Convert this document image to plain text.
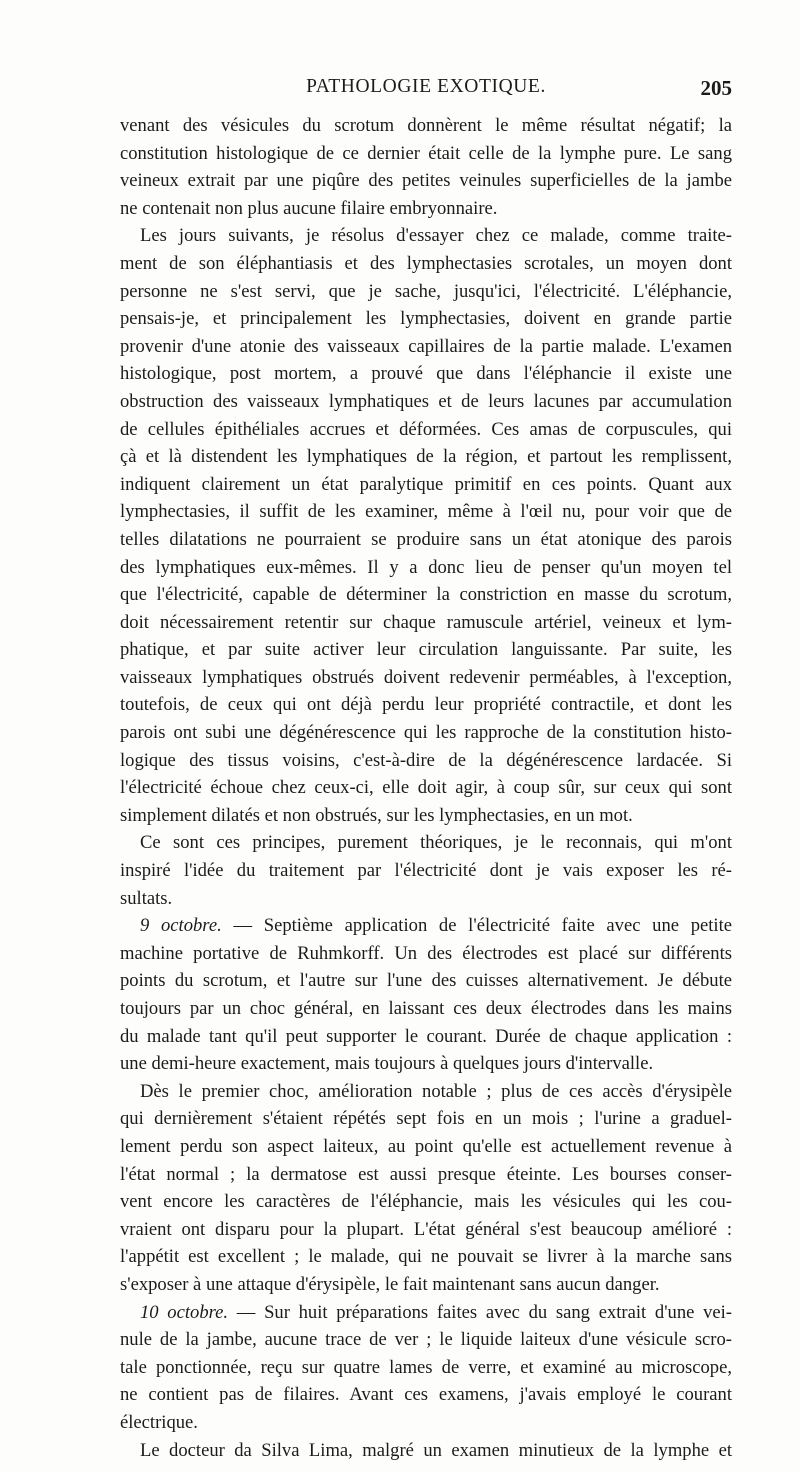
PATHOLOGIE EXOTIQUE.	205
venant des vésicules du scrotum donnèrent le même résultat négatif; la
constitution histologique de ce dernier était celle de la lymphe pure. Le sang
veineux extrait par une piqûre des petites veinules superficielles de la jambe
ne contenait non plus aucune filaire embryonnaire.
Les jours suivants, je résolus d'essayer chez ce malade, comme traite-
ment de son éléphantiasis et des lymphectasies scrotales, un moyen dont
personne ne s'est servi, que je sache, jusqu'ici, l'électricité. L'éléphancie,
pensais-je, et principalement les lymphectasies, doivent en grande partie
provenir d'une atonie des vaisseaux capillaires de la partie malade. L'examen
histologique, post mortem, a prouvé que dans l'éléphancie il existe une
obstruction des vaisseaux lymphatiques et de leurs lacunes par accumulation
de cellules épithéliales accrues et déformées. Ces amas de corpuscules, qui
çà et là distendent les lymphatiques de la région, et partout les remplissent,
indiquent clairement un état paralytique primitif en ces points. Quant aux
lymphectasies, il suffit de les examiner, même à l'œil nu, pour voir que de
telles dilatations ne pourraient se produire sans un état atonique des parois
des lymphatiques eux-mêmes. Il y a donc lieu de penser qu'un moyen tel
que l'électricité, capable de déterminer la constriction en masse du scrotum,
doit nécessairement retentir sur chaque ramuscule artériel, veineux et lym-
phatique, et par suite activer leur circulation languissante. Par suite, les
vaisseaux lymphatiques obstrués doivent redevenir perméables, à l'exception,
toutefois, de ceux qui ont déjà perdu leur propriété contractile, et dont les
parois ont subi une dégénérescence qui les rapproche de la constitution histo-
logique des tissus voisins, c'est-à-dire de la dégénérescence lardacée. Si
l'électricité échoue chez ceux-ci, elle doit agir, à coup sûr, sur ceux qui sont
simplement dilatés et non obstrués, sur les lymphectasies, en un mot.
Ce sont ces principes, purement théoriques, je le reconnais, qui m'ont
inspiré l'idée du traitement par l'électricité dont je vais exposer les ré-
sultats.
9 octobre. — Septième application de l'électricité faite avec une petite
machine portative de Ruhmkorff. Un des électrodes est placé sur différents
points du scrotum, et l'autre sur l'une des cuisses alternativement. Je débute
toujours par un choc général, en laissant ces deux électrodes dans les mains
du malade tant qu'il peut supporter le courant. Durée de chaque application :
une demi-heure exactement, mais toujours à quelques jours d'intervalle.
Dès le premier choc, amélioration notable ; plus de ces accès d'érysipèle
qui dernièrement s'étaient répétés sept fois en un mois ; l'urine a graduel-
lement perdu son aspect laiteux, au point qu'elle est actuellement revenue à
l'état normal ; la dermatose est aussi presque éteinte. Les bourses conser-
vent encore les caractères de l'éléphancie, mais les vésicules qui les cou-
vraient ont disparu pour la plupart. L'état général s'est beaucoup amélioré :
l'appétit est excellent ; le malade, qui ne pouvait se livrer à la marche sans
s'exposer à une attaque d'érysipèle, le fait maintenant sans aucun danger.
10 octobre. — Sur huit préparations faites avec du sang extrait d'une vei-
nule de la jambe, aucune trace de ver ; le liquide laiteux d'une vésicule scro-
tale ponctionnée, reçu sur quatre lames de verre, et examiné au microscope,
ne contient pas de filaires. Avant ces examens, j'avais employé le courant
électrique.
Le docteur da Silva Lima, malgré un examen minutieux de la lymphe et
